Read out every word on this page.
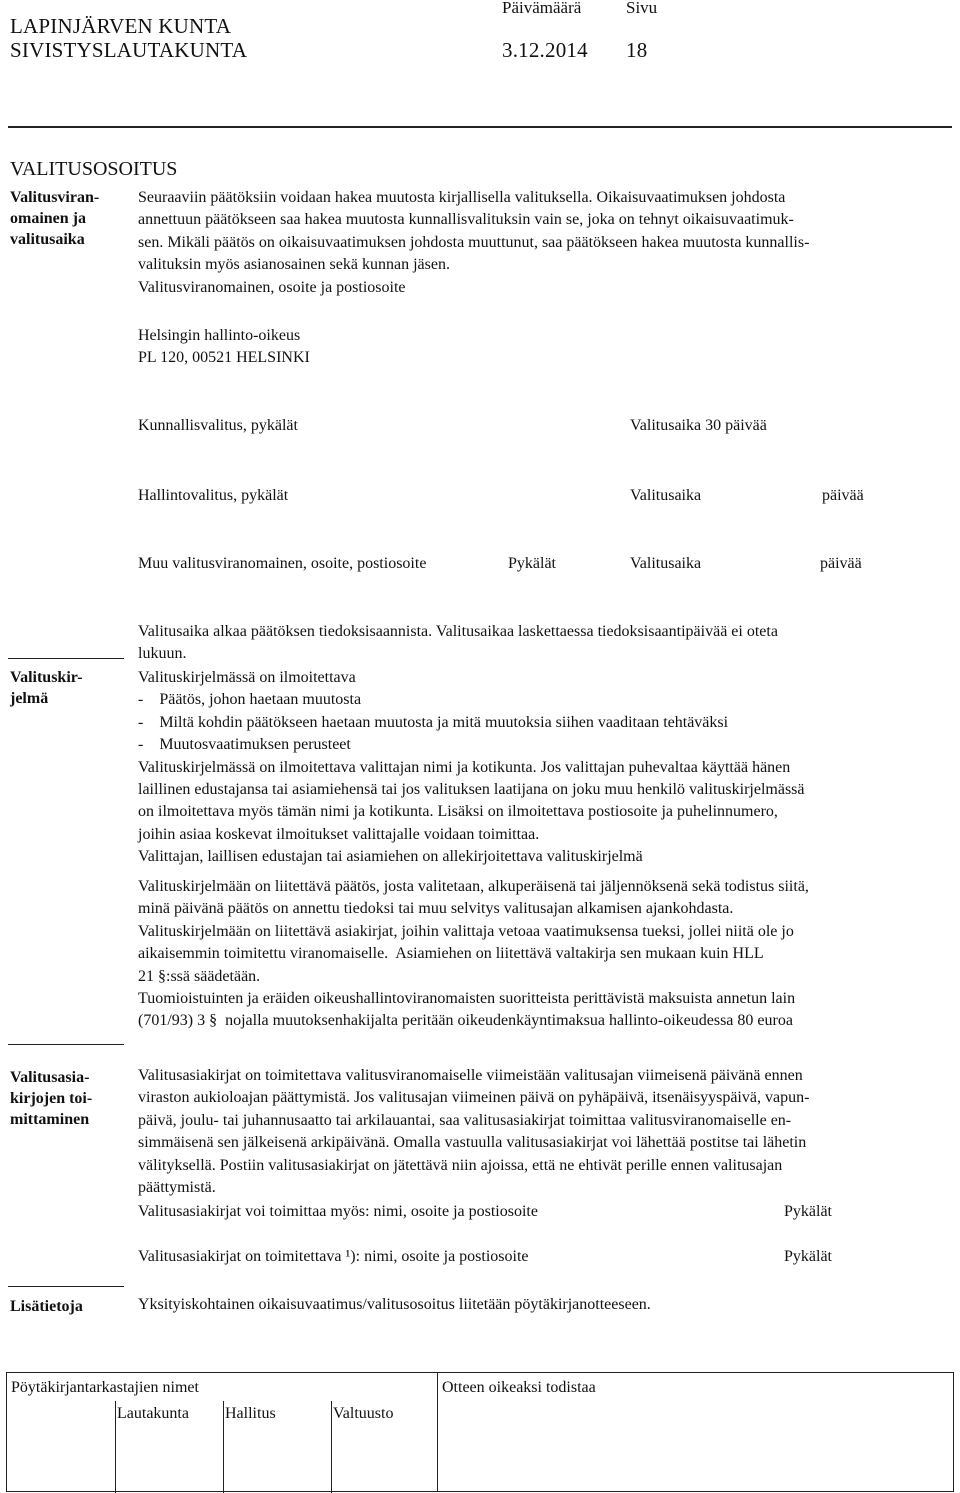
LAPINJÄRVEN KUNTA
SIVISTYSLAUTAKUNTA
Päivämäärä
3.12.2014
Sivu
18
VALITUSOSOITUS
Valitusviran-
omainen ja
valitusaika
Seuraaviin päätöksiin voidaan hakea muutosta kirjallisella valituksella. Oikaisuvaatimuksen johdosta
annettuun päätökseen saa hakea muutosta kunnallisvalituksin vain se, joka on tehnyt oikaisuvaatimuk-
sen. Mikäli päätös on oikaisuvaatimuksen johdosta muuttunut, saa päätökseen hakea muutosta kunnallis-
valituksin myös asianosainen sekä kunnan jäsen.
Valitusviranomainen, osoite ja postiosoite
Helsingin hallinto-oikeus
PL 120, 00521 HELSINKI
Kunnallisvalitus, pykälät	Valitusaika 30 päivää
Hallintovalitus, pykälät	Valitusaika	päivää
Muu valitusviranomainen, osoite, postiosoite	Pykälät	Valitusaika	päivää
Valitusaika alkaa päätöksen tiedoksisaannista. Valitusaikaa laskettaessa tiedoksisaantipäivää ei oteta
lukuun.
Valituskir-
jelmä
Valituskirjelmässä on ilmoitettava
-    Päätös, johon haetaan muutosta
-    Miltä kohdin päätökseen haetaan muutosta ja mitä muutoksia siihen vaaditaan tehtäväksi
-    Muutosvaatimuksen perusteet
Valituskirjelmässä on ilmoitettava valittajan nimi ja kotikunta. Jos valittajan puhevaltaa käyttää hänen
laillinen edustajansa tai asiamiehensä tai jos valituksen laatijana on joku muu henkilö valituskirjelmässä
on ilmoitettava myös tämän nimi ja kotikunta. Lisäksi on ilmoitettava postiosoite ja puhelinnumero,
joihin asiaa koskevat ilmoitukset valittajalle voidaan toimittaa.
Valittajan, laillisen edustajan tai asiamiehen on allekirjoitettava valituskirjelmä
Valituskirjelmään on liitettävä päätös, josta valitetaan, alkuperäisenä tai jäljennöksenä sekä todistus siitä,
minä päivänä päätös on annettu tiedoksi tai muu selvitys valitusajan alkamisen ajankohdasta.
Valituskirjelmään on liitettävä asiakirjat, joihin valittaja vetoaa vaatimuksensa tueksi, jollei niitä ole jo
aikaisemmin toimitettu viranomaiselle.  Asiamiehen on liitettävä valtakirja sen mukaan kuin HLL
21 §:ssä säädetään.
Tuomioistuinten ja eräiden oikeushallintoviranomaisten suoritteista perittävistä maksuista annetun lain
(701/93) 3 §  nojalla muutoksenhakijalta peritään oikeudenkäyntimaksua hallinto-oikeudessa 80 euroa
Valitusasia-
kirjojen toi-
mittaminen
Valitusasiakirjat on toimitettava valitusviranomaiselle viimeistään valitusajan viimeisenä päivänä ennen
viraston aukioloajan päättymistä. Jos valitusajan viimeinen päivä on pyhäpäivä, itsenäisyyspäivä, vapun-
päivä, joulu- tai juhannusaatto tai arkilauantai, saa valitusasiakirjat toimittaa valitusviranomaiselle en-
simmäisenä sen jälkeisenä arkipäivänä. Omalla vastuulla valitusasiakirjat voi lähettää postitse tai lähetin
välityksellä. Postiin valitusasiakirjat on jätettävä niin ajoissa, että ne ehtivät perille ennen valitusajan
päättymistä.
Valitusasiakirjat voi toimittaa myös: nimi, osoite ja postiosoite	Pykälät
Valitusasiakirjat on toimitettava ¹): nimi, osoite ja postiosoite	Pykälät
Lisätietoja	Yksityiskohtainen oikaisuvaatimus/valitusosoitus liitetään pöytäkirjanotteeseen.
Pöytäkirjantarkastajien nimet
Lautakunta Hallitus	Valtuusto
Otteen oikeaksi todistaa
